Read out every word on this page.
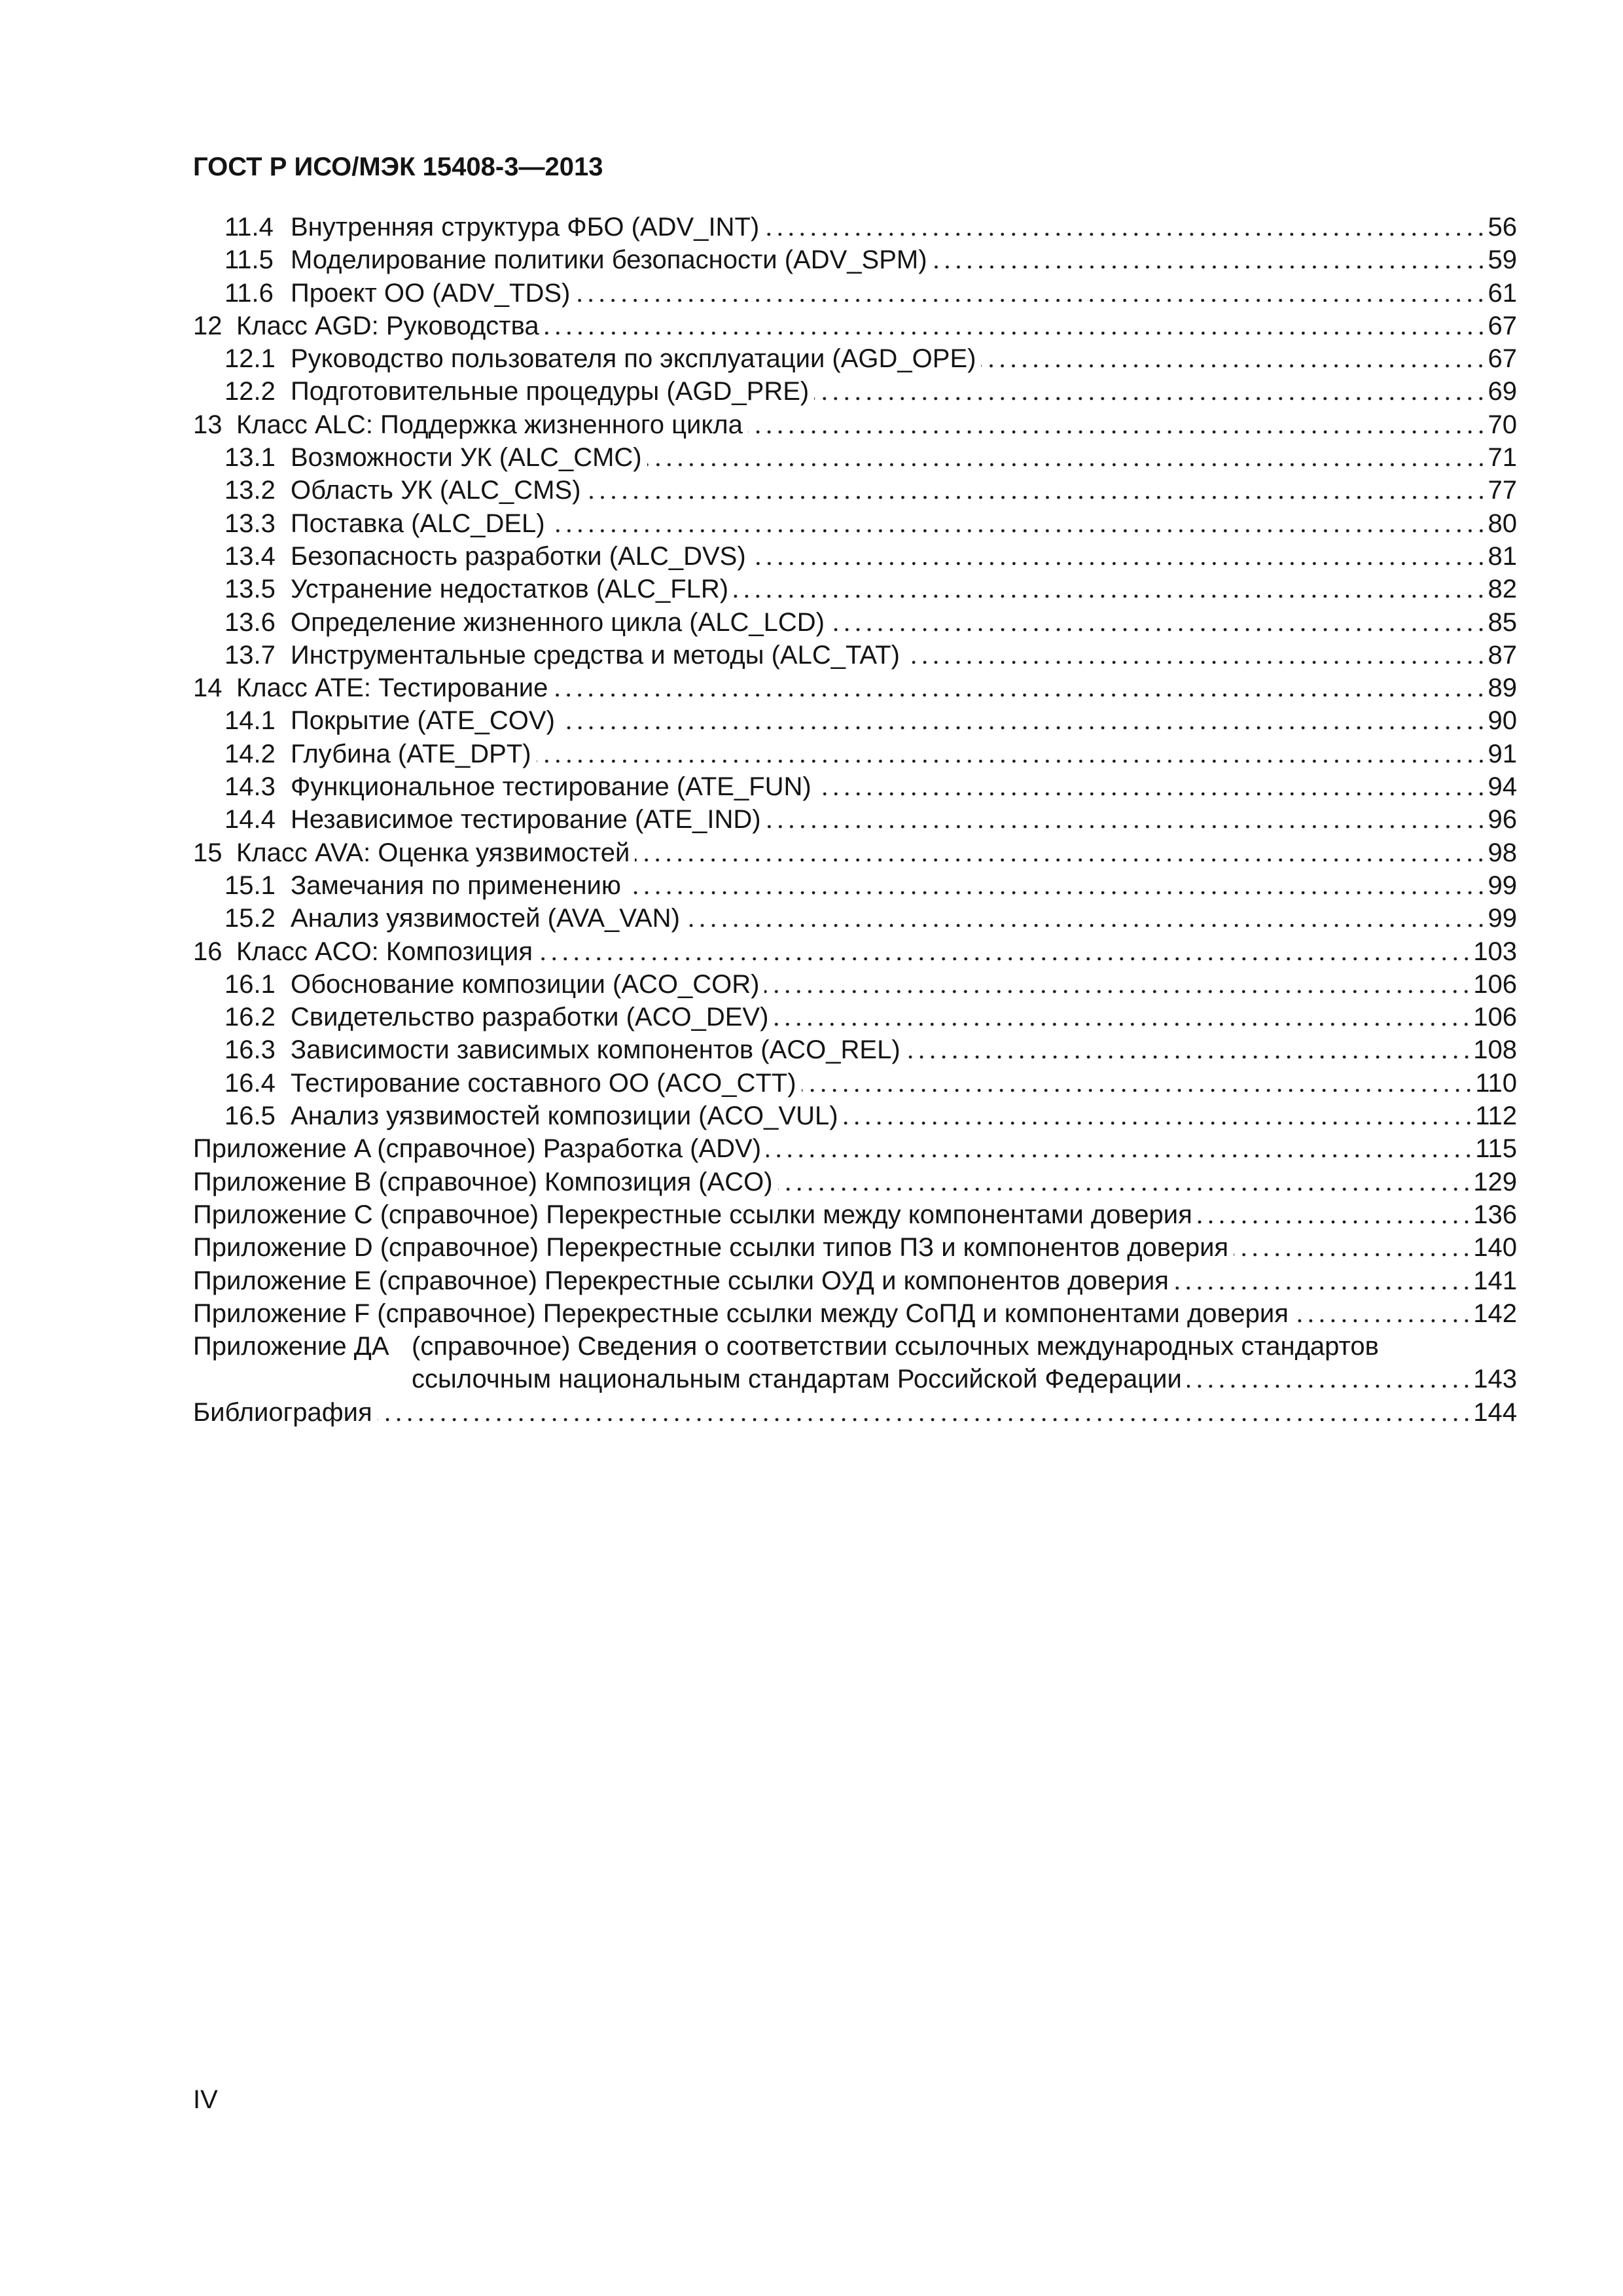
ГОСТ Р ИСО/МЭК 15408-3—2013
11.4 Внутренняя структура ФБО (ADV_INT)	56
11.5 Моделирование политики безопасности (ADV_SPM)	59
11.6 Проект ОО (ADV_TDS)	61
12 Класс AGD: Руководства	67
12.1 Руководство пользователя по эксплуатации (AGD_OPE)	67
12.2 Подготовительные процедуры (AGD_PRE)	69
13 Класс ALC: Поддержка жизненного цикла	70
13.1 Возможности УК (ALC_CMC)	71
13.2 Область УК (ALC_CMS)	77
13.3 Поставка (ALC_DEL)	80
13.4 Безопасность разработки (ALC_DVS)	81
13.5 Устранение недостатков (ALC_FLR)	82
13.6 Определение жизненного цикла (ALC_LCD)	85
13.7 Инструментальные средства и методы (ALC_TAT)	87
14 Класс ATE: Тестирование	89
14.1 Покрытие (ATE_COV)	90
14.2 Глубина (ATE_DPT)	91
14.3 Функциональное тестирование (ATE_FUN)	94
14.4 Независимое тестирование (ATE_IND)	96
15 Класс AVA: Оценка уязвимостей	98
15.1 Замечания по применению	99
15.2 Анализ уязвимостей (AVA_VAN)	99
16 Класс ACO: Композиция	103
16.1 Обоснование композиции (ACO_COR)	106
16.2 Свидетельство разработки (ACO_DEV)	106
16.3 Зависимости зависимых компонентов (ACO_REL)	108
16.4 Тестирование составного ОО (ACO_CTT)	110
16.5 Анализ уязвимостей композиции (ACO_VUL)	112
Приложение A (справочное) Разработка (ADV)	115
Приложение B (справочное) Композиция (ACO)	129
Приложение C (справочное) Перекрестные ссылки между компонентами доверия	136
Приложение D (справочное) Перекрестные ссылки типов ПЗ и компонентов доверия	140
Приложение E (справочное) Перекрестные ссылки ОУД и компонентов доверия	141
Приложение F (справочное) Перекрестные ссылки между СоПД и компонентами доверия	142
Приложение ДА (справочное) Сведения о соответствии ссылочных международных стандартов
ссылочным национальным стандартам Российской Федерации	143
Библиография	144
IV
